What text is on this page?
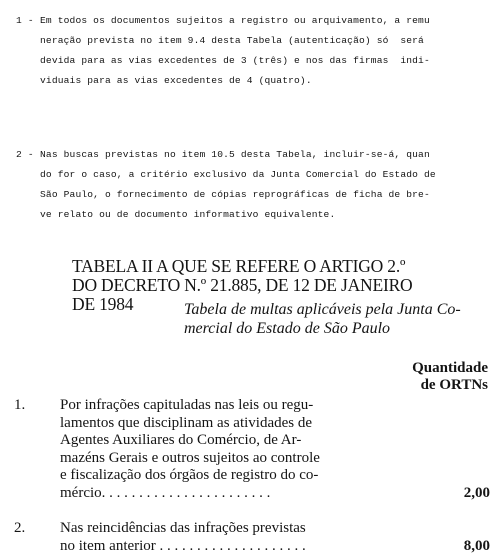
1 - Em todos os documentos sujeitos a registro ou arquivamento, a remu
neração prevista no item 9.4 desta Tabela (autenticação) só  será
devida para as vias excedentes de 3 (três) e nos das firmas  indi-
viduais para as vias excedentes de 4 (quatro).
2 - Nas buscas previstas no item 10.5 desta Tabela, incluir-se-á, quan
do for o caso, a critério exclusivo da Junta Comercial do Estado de
São Paulo, o fornecimento de cópias reprográficas de ficha de bre-
ve relato ou de documento informativo equivalente.
TABELA II A QUE SE REFERE O ARTIGO 2.º
DO DECRETO N.º 21.885, DE 12 DE JANEIRO
DE 1984	Tabela de multas aplicáveis pela Junta Co-
mercial do Estado de São Paulo
Quantidade
de ORTNs
1. Por infrações capituladas nas leis ou regu-
lamentos que disciplinam as atividades de
Agentes Auxiliares do Comércio, de Ar-
mazéns Gerais e outros sujeitos ao controle
e fiscalização dos órgãos de registro do co-
mércio. . . . . . . . . . . . . . . . . . . . . . .	2,00
2. Nas reincidências das infrações previstas
no item anterior . . . . . . . . . . . . . . . . . . . .	8,00
